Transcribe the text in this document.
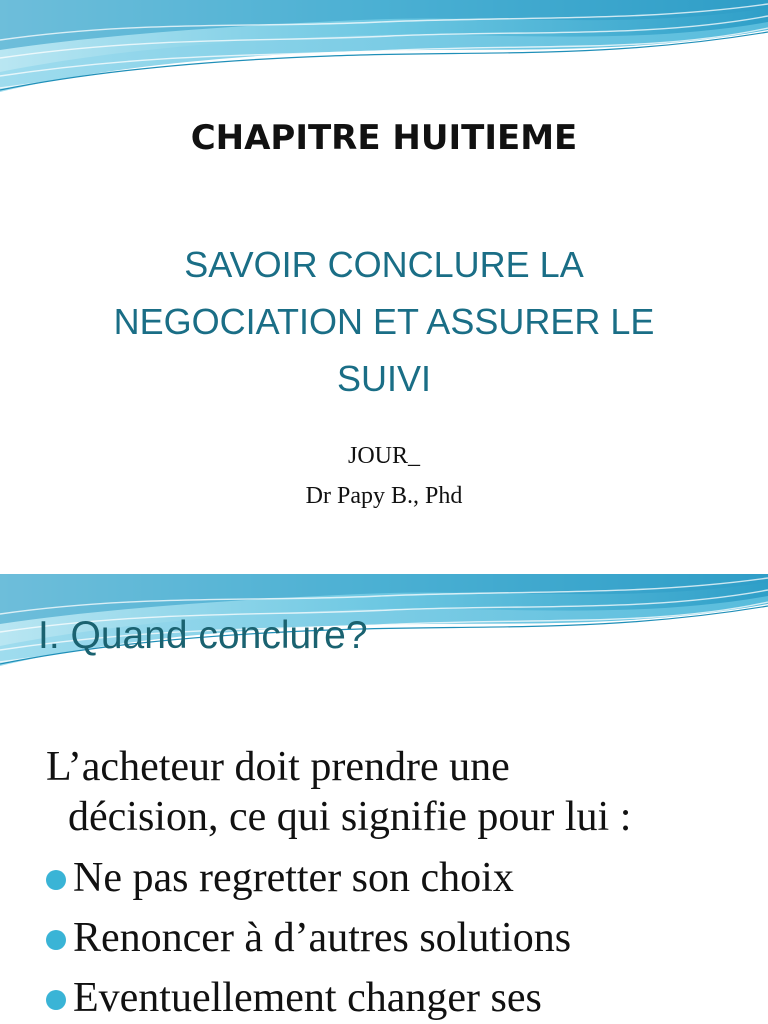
CHAPITRE HUITIEME
SAVOIR CONCLURE LA
NEGOCIATION ET ASSURER LE
SUIVI
JOUR_
Dr Papy B., Phd
I. Quand conclure?

L’acheteur doit prendre une
décision, ce qui signifie pour lui :

Ne pas regretter son choix
Renoncer à d’autres solutions
Eventuellement changer ses
